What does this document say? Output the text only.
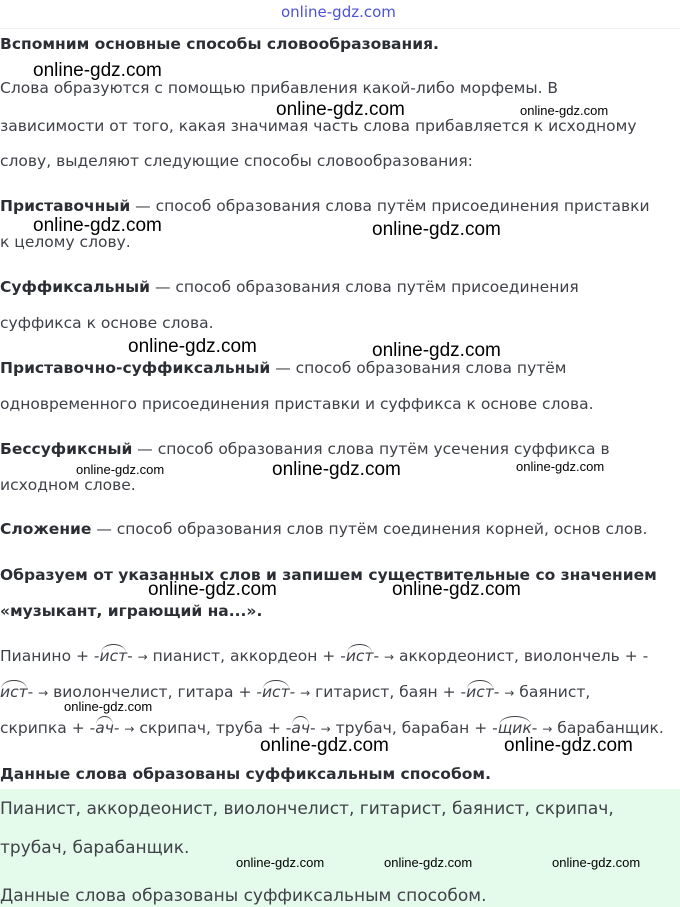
online-gdz.com
Вспомним основные способы словообразования.
Слова образуются с помощью прибавления какой-либо морфемы. В
зависимости от того, какая значимая часть слова прибавляется к исходному
слову, выделяют следующие способы словообразования:
Приставочный — способ образования слова путём присоединения приставки
к целому слову.
Суффиксальный — способ образования слова путём присоединения
суффикса к основе слова.
Приставочно-суффиксальный — способ образования слова путём
одновременного присоединения приставки и суффикса к основе слова.
Бессуфиксный — способ образования слова путём усечения суффикса в
исходном слове.
Сложение — способ образования слов путём соединения корней, основ слов.
Образуем от указанных слов и запишем существительные со значением
«музыкант, играющий на...».
Пианино + -ист- → пианист, аккордеон + -ист- → аккордеонист, виолончель + -
ист- → виолончелист, гитара + -ист- → гитарист, баян + -ист- → баянист,
скрипка + -ач- → скрипач, труба + -ач- → трубач, барабан + -щик- → барабанщик.
Данные слова образованы суффиксальным способом.
Пианист, аккордеонист, виолончелист, гитарист, баянист, скрипач,
трубач, барабанщик.
Данные слова образованы суффиксальным способом.
online-gdz.com
online-gdz.com	online-gdz.com
online-gdz.com	online-gdz.com
online-gdz.com	online-gdz.com
online-gdz.com	online-gdz.com	online-gdz.com
online-gdz.com	online-gdz.com
online-gdz.com
online-gdz.com	online-gdz.com
online-gdz.com	online-gdz.com	online-gdz.com
